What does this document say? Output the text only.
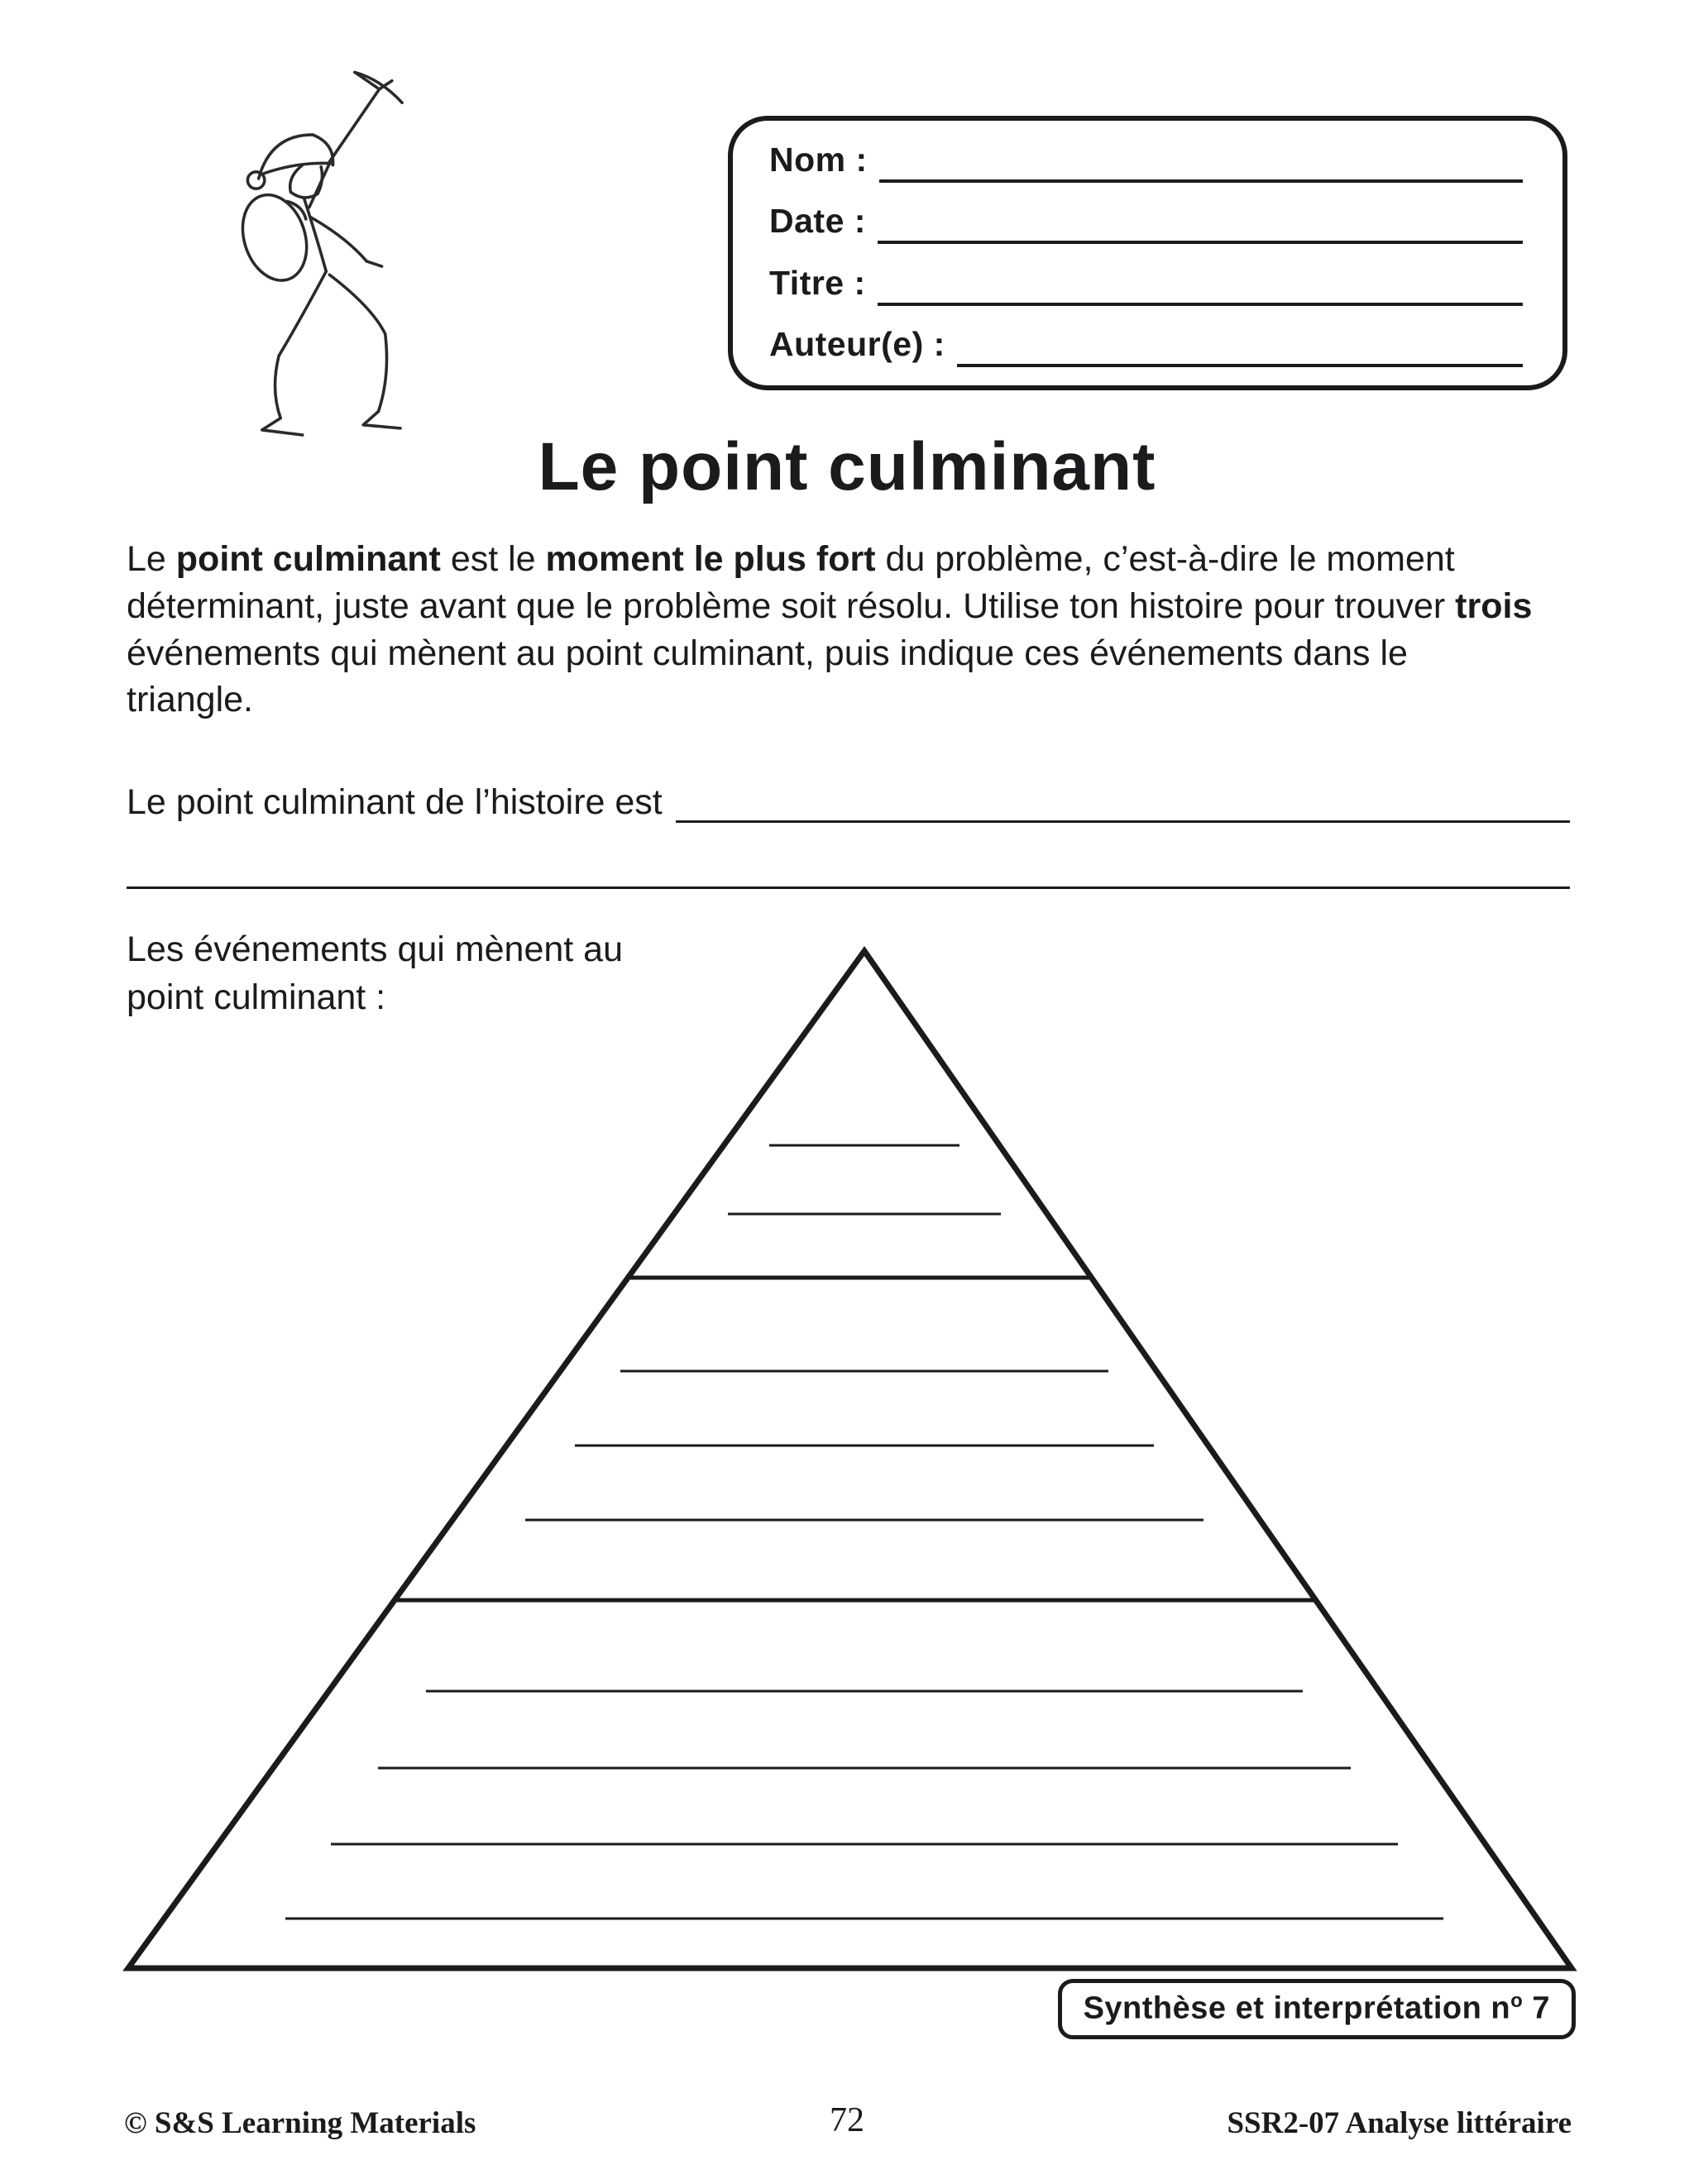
Nom :
Date :
Titre :
Auteur(e) :
Le point culminant

Le point culminant est le moment le plus fort du problème, c’est-à-dire le moment déterminant, juste avant que le problème soit résolu. Utilise ton histoire pour trouver trois événements qui mènent au point culminant, puis indique ces événements dans le triangle.

Le point culminant de l’histoire est
Les événements qui mènent au
point culminant :
Synthèse et interprétation $n^o$ 7
72
© S&S Learning Materials	SSR2-07 Analyse littéraire
